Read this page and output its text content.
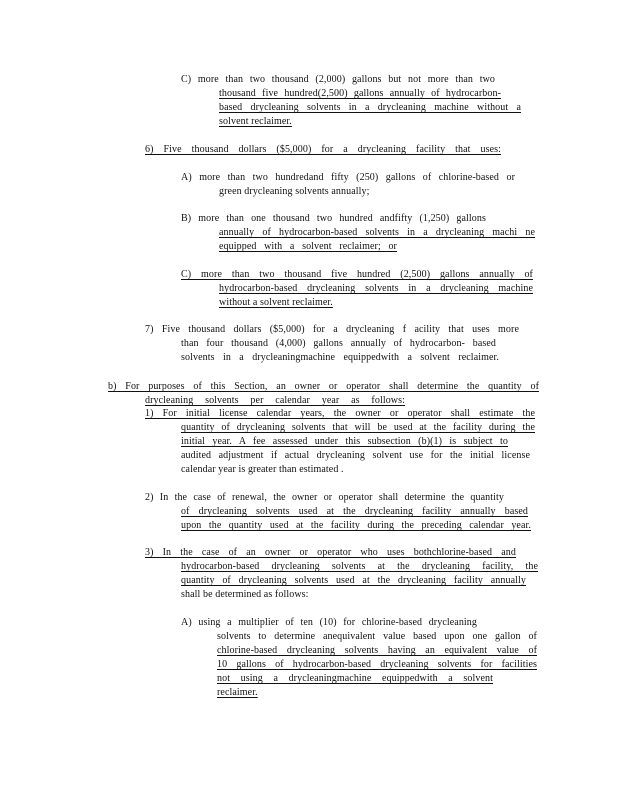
C) more than two thousand (2,000) gallons but not more than two
thousand five hundred(2,500) gallons annually of hydrocarbon-
based drycleaning solvents in a drycleaning machine without a
solvent reclaimer.
6) Five thousand dollars ($5,000) for a drycleaning facility that uses:
A) more than two hundredand fifty (250) gallons of chlorine-based or
green drycleaning solvents annually;
B) more than one thousand two hundred andfifty (1,250) gallons
annually of hydrocarbon-based solvents in a drycleaning machi ne
equipped with a solvent reclaimer; or
C) more than two thousand five hundred (2,500) gallons annually of
hydrocarbon-based drycleaning solvents in a drycleaning machine
without a solvent reclaimer.
7) Five thousand dollars ($5,000) for a drycleaning f acility that uses more
than four thousand (4,000) gallons annually of hydrocarbon- based
solvents in a drycleaningmachine equippedwith a solvent reclaimer.
b) For purposes of this Section, an owner or operator shall determine the quantity of
drycleaning solvents per calendar year as follows:
1) For initial license calendar years, the owner or operator shall estimate the
quantity of drycleaning solvents that will be used at the facility during the
initial year. A fee assessed under this subsection (b)(1) is subject to
audited adjustment if actual drycleaning solvent use for the initial license
calendar year is greater than estimated .
2) In the case of renewal, the owner or operator shall determine the quantity
of drycleaning solvents used at the drycleaning facility annually based
upon the quantity used at the facility during the preceding calendar year.
3) In the case of an owner or operator who uses bothchlorine-based and
hydrocarbon-based drycleaning solvents at the drycleaning facility, the
quantity of drycleaning solvents used at the drycleaning facility annually
shall be determined as follows:
A) using a multiplier of ten (10) for chlorine-based drycleaning
solvents to determine anequivalent value based upon one gallon of
chlorine-based drycleaning solvents having an equivalent value of
10 gallons of hydrocarbon-based drycleaning solvents for facilities
not using a drycleaningmachine equippedwith a solvent
reclaimer.
